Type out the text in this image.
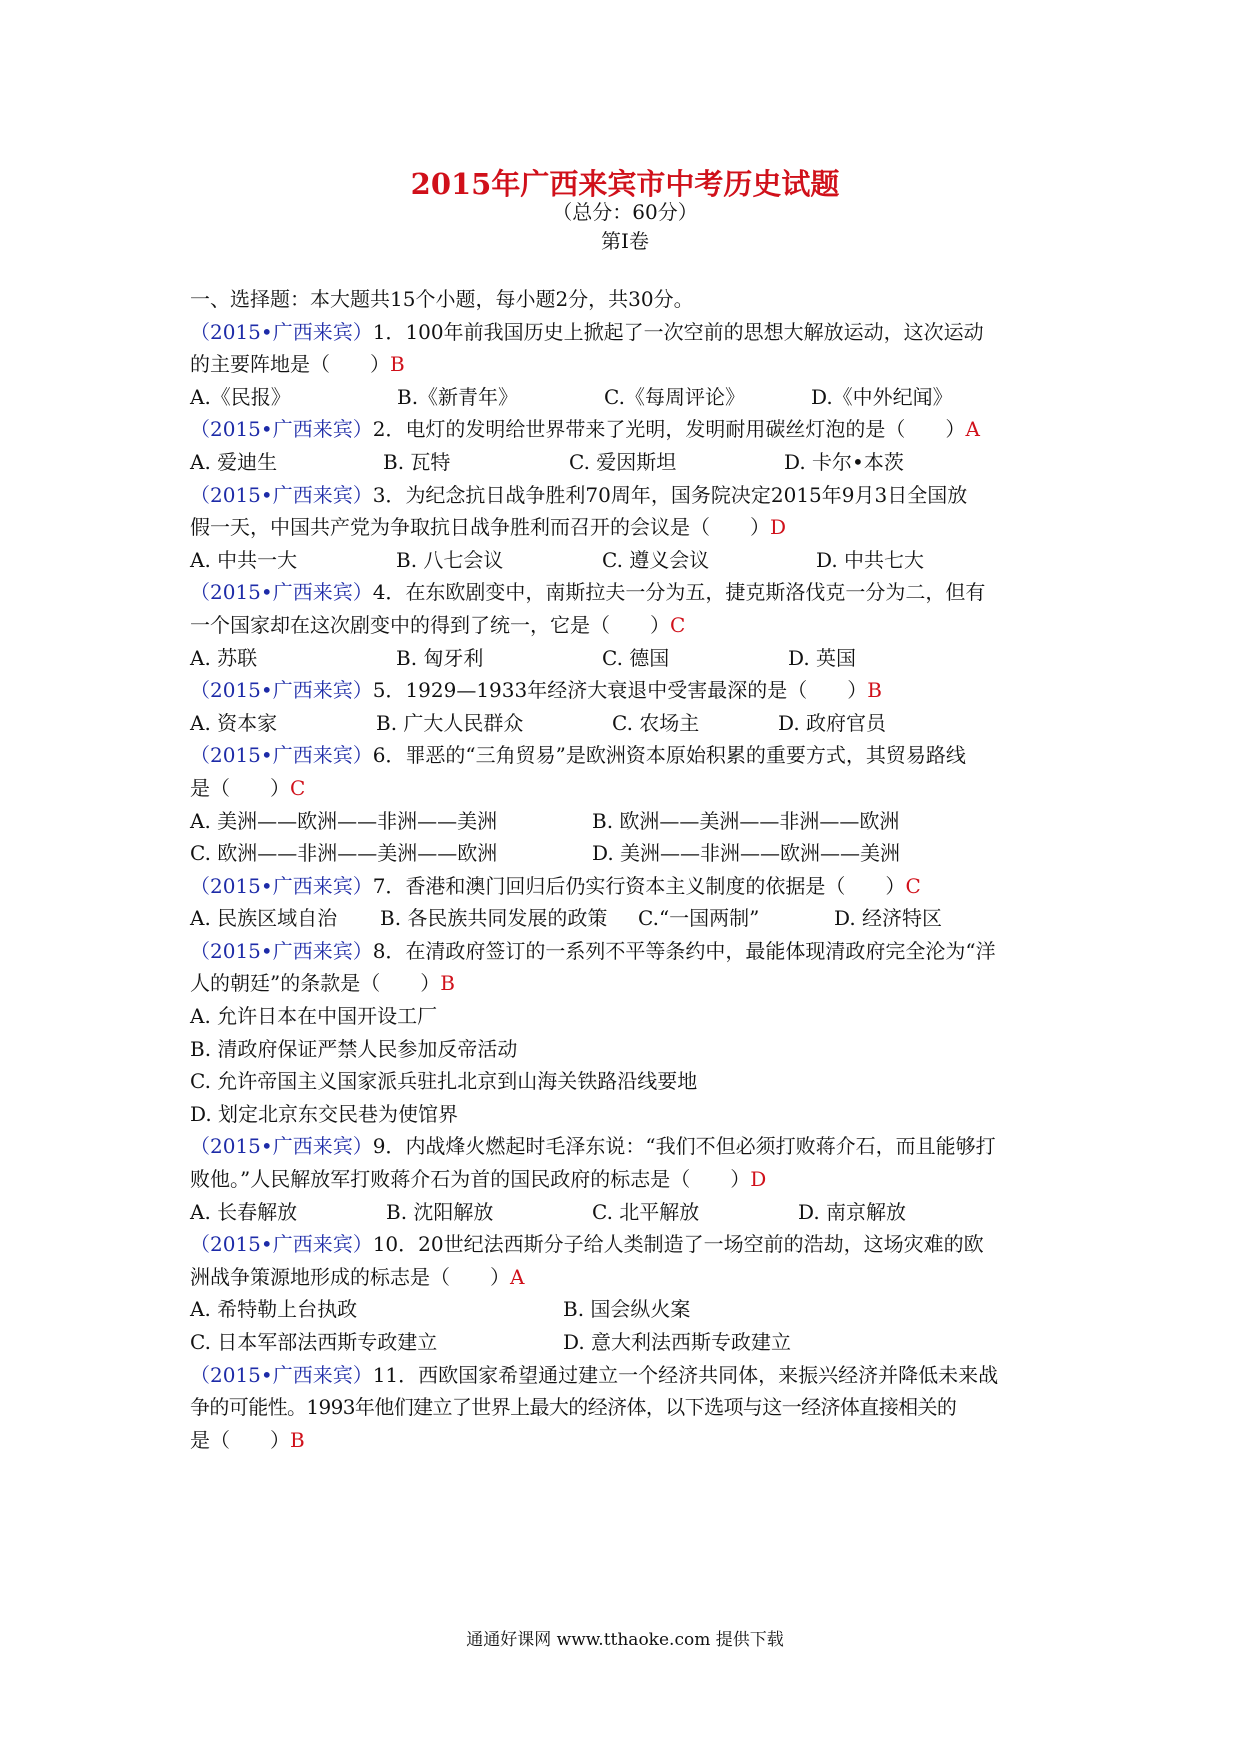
2015年广西来宾市中考历史试题
（总分：60分）
第Ⅰ卷
一、选择题：本大题共15个小题，每小题2分，共30分。
（2015•广西来宾）1．100年前我国历史上掀起了一次空前的思想大解放运动，这次运动
的主要阵地是（　　）B
A.《民报》	B.《新青年》	C.《每周评论》	D.《中外纪闻》
（2015•广西来宾）2．电灯的发明给世界带来了光明，发明耐用碳丝灯泡的是（　　）A
A. 爱迪生	B. 瓦特	C. 爱因斯坦	D. 卡尔•本茨
（2015•广西来宾）3．为纪念抗日战争胜利70周年，国务院决定2015年9月3日全国放
假一天，中国共产党为争取抗日战争胜利而召开的会议是（　　）D
A. 中共一大	B. 八七会议	C. 遵义会议	D. 中共七大
（2015•广西来宾）4．在东欧剧变中，南斯拉夫一分为五，捷克斯洛伐克一分为二，但有
一个国家却在这次剧变中的得到了统一，它是（　　）C
A. 苏联	B. 匈牙利	C. 德国	D. 英国
（2015•广西来宾）5．1929—1933年经济大衰退中受害最深的是（　　）B
A. 资本家	B. 广大人民群众	C. 农场主	D. 政府官员
（2015•广西来宾）6．罪恶的“三角贸易”是欧洲资本原始积累的重要方式，其贸易路线
是（　　）C
A. 美洲——欧洲——非洲——美洲	B. 欧洲——美洲——非洲——欧洲
C. 欧洲——非洲——美洲——欧洲	D. 美洲——非洲——欧洲——美洲
（2015•广西来宾）7．香港和澳门回归后仍实行资本主义制度的依据是（　　）C
A. 民族区域自治	B. 各民族共同发展的政策	C.“一国两制”	D. 经济特区
（2015•广西来宾）8．在清政府签订的一系列不平等条约中，最能体现清政府完全沦为“洋
人的朝廷”的条款是（　　）B
A. 允许日本在中国开设工厂
B. 清政府保证严禁人民参加反帝活动
C. 允许帝国主义国家派兵驻扎北京到山海关铁路沿线要地
D. 划定北京东交民巷为使馆界
（2015•广西来宾）9．内战烽火燃起时毛泽东说：“我们不但必须打败蒋介石，而且能够打
败他。”人民解放军打败蒋介石为首的国民政府的标志是（　　）D
A. 长春解放	B. 沈阳解放	C. 北平解放	D. 南京解放
（2015•广西来宾）10．20世纪法西斯分子给人类制造了一场空前的浩劫，这场灾难的欧
洲战争策源地形成的标志是（　　）A
A. 希特勒上台执政	B. 国会纵火案
C. 日本军部法西斯专政建立	D. 意大利法西斯专政建立
（2015•广西来宾）11．西欧国家希望通过建立一个经济共同体，来振兴经济并降低未来战
争的可能性。1993年他们建立了世界上最大的经济体，以下选项与这一经济体直接相关的
是（　　）B
通通好课网 www.tthaoke.com 提供下载
